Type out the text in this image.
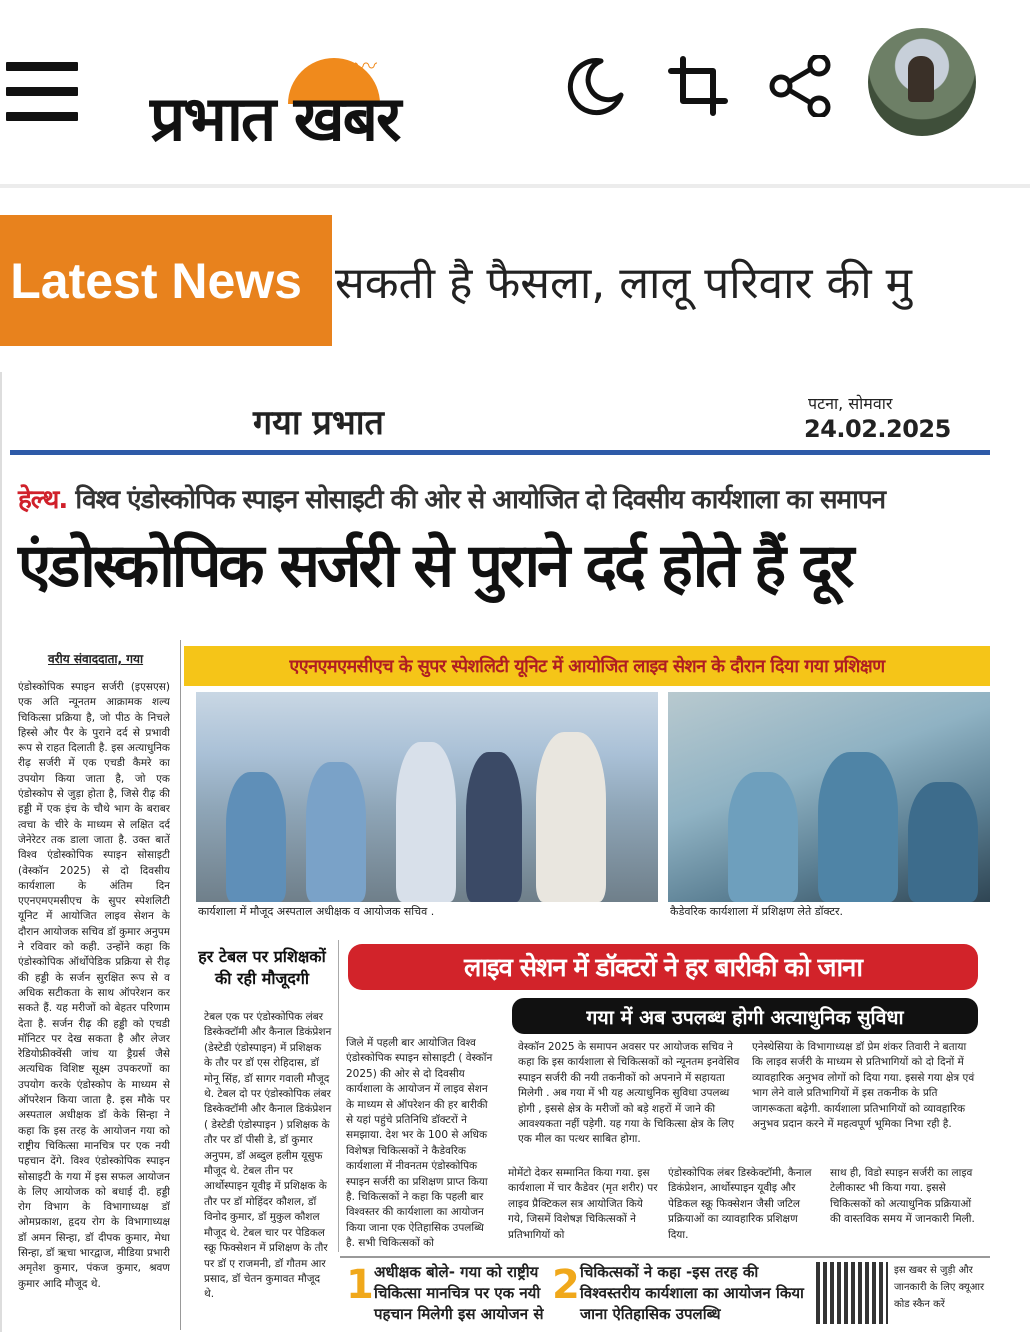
〰
प्रभात खबर
Latest News सकती है फैसला, लालू परिवार की मु
गया प्रभात	पटना, सोमवार
24.02.2025
हेल्थ. विश्व एंडोस्कोपिक स्पाइन सोसाइटी की ओर से आयोजित दो दिवसीय कार्यशाला का समापन
एंडोस्कोपिक सर्जरी से पुराने दर्द होते हैं दूर
वरीय संवाददाता, गया
एंडोस्कोपिक स्पाइन सर्जरी (इएसएस) एक अति न्यूनतम आक्रामक शल्य चिकित्सा प्रक्रिया है, जो पीठ के निचले हिस्से और पैर के पुराने दर्द से प्रभावी रूप से राहत दिलाती है. इस अत्याधुनिक रीढ़ सर्जरी में एक एचडी कैमरे का उपयोग किया जाता है, जो एक एंडोस्कोप से जुड़ा होता है, जिसे रीढ़ की हड्डी में एक इंच के चौथे भाग के बराबर त्वचा के चीरे के माध्यम से लक्षित दर्द जेनेरेटर तक डाला जाता है. उक्त बातें विश्व एंडोस्कोपिक स्पाइन सोसाइटी (वेस्कॉन 2025) से दो दिवसीय कार्यशाला के अंतिम दिन एएनएमएमसीएच के सुपर स्पेशलिटी यूनिट में आयोजित लाइव सेशन के दौरान आयोजक सचिव डॉ कुमार अनुपम ने रविवार को कही. उन्होंने कहा कि एंडोस्कोपिक ऑर्थोपेडिक प्रक्रिया से रीढ़ की हड्डी के सर्जन सुरक्षित रूप से व अधिक सटीकता के साथ ऑपरेशन कर सकते हैं. यह मरीजों को बेहतर परिणाम देता है. सर्जन रीढ़ की हड्डी को एचडी मॉनिटर पर देख सकता है और लेजर रेडियोफ्रीक्वेंसी जांच या ड्रैग्रर्स जैसे अत्यधिक विशिष्ट सूक्ष्म उपकरणों का उपयोग करके एंडोस्कोप के माध्यम से ऑपरेशन किया जाता है. इस मौके पर अस्पताल अधीक्षक डॉ केके सिन्हा ने कहा कि इस तरह के आयोजन गया को राष्ट्रीय चिकित्सा मानचित्र पर एक नयी पहचान देंगे. विश्व एंडोस्कोपिक स्पाइन सोसाइटी के गया में इस सफल आयोजन के लिए आयोजक को बधाई दी. हड्डी रोग विभाग के विभागाध्यक्ष डॉ ओमप्रकाश, हृदय रोग के विभागाध्यक्ष डॉ अमन सिन्हा, डॉ दीपक कुमार, मेधा सिन्हा, डॉ ऋचा भारद्वाज, मीडिया प्रभारी अमृतेश कुमार, पंकज कुमार, श्रवण कुमार आदि मौजूद थे.
एएनएमएमसीएच के सुपर स्पेशलिटी यूनिट में आयोजित लाइव सेशन के दौरान दिया गया प्रशिक्षण
कार्यशाला में मौजूद अस्पताल अधीक्षक व आयोजक सचिव .	कैडेवरिक कार्यशाला में प्रशिक्षण लेते डॉक्टर.
हर टेबल पर प्रशिक्षकों की रही मौजूदगी
टेबल एक पर एंडोस्कोपिक लंबर डिस्केक्टॉमी और कैनाल डिकंप्रेशन (डेस्टेडी एंडोस्पाइन) में प्रशिक्षक के तौर पर डॉ एस रोहिदास, डॉ मोनू सिंह, डॉ सागर गवाली मौजूद थे. टेबल दो पर एंडोस्कोपिक लंबर डिस्केक्टॉमी और कैनाल डिकंप्रेशन ( डेस्टेडी एंडोस्पाइन ) प्रशिक्षक के तौर पर डॉ पीसी डे, डॉ कुमार अनुपम, डॉ अब्दुल हलीम यूसुफ मौजूद थे. टेबल तीन पर आर्थोस्पाइन यूवीइ में प्रशिक्षक के तौर पर डॉ मोहिंदर कौशल, डॉ विनोद कुमार, डॉ मुकुल कौशल मौजूद थे. टेबल चार पर पेडिकल स्क्रू फिक्सेशन में प्रशिक्षण के तौर पर डॉ ए राजमनी, डॉ गौतम आर प्रसाद, डॉ चेतन कुमावत मौजूद थे.
लाइव सेशन में डॉक्टरों ने हर बारीकी को जाना
जिले में पहली बार आयोजित विश्व एंडोस्कोपिक स्पाइन सोसाइटी ( वेस्कॉन 2025) की ओर से दो दिवसीय कार्यशाला के आयोजन में लाइव सेशन के माध्यम से ऑपरेशन की हर बारीकी से यहां पहुंचे प्रतिनिधि डॉक्टरों ने समझाया. देश भर के 100 से अधिक विशेषज्ञ चिकित्सकों ने कैडेवरिक कार्यशाला में नीवनतम एंडोस्कोपिक स्पाइन सर्जरी का प्रशिक्षण प्राप्त किया है. चिकित्सकों ने कहा कि पहली बार विश्वस्तर की कार्यशाला का आयोजन किया जाना एक ऐतिहासिक उपलब्धि है. सभी चिकित्सकों को
गया में अब उपलब्ध होगी अत्याधुनिक सुविधा
वेस्कॉन 2025 के समापन अवसर पर आयोजक सचिव ने कहा कि इस कार्यशाला से चिकित्सकों को न्यूनतम इनवेसिव स्पाइन सर्जरी की नयी तकनीकों को अपनाने में सहायता मिलेगी . अब गया में भी यह अत्याधुनिक सुविधा उपलब्ध होगी , इससे क्षेत्र के मरीजों को बड़े शहरों में जाने की आवश्यकता नहीं पड़ेगी. यह गया के चिकित्सा क्षेत्र के लिए एक मील का पत्थर साबित होगा.
एनेस्थेसिया के विभागाध्यक्ष डॉ प्रेम शंकर तिवारी ने बताया कि लाइव सर्जरी के माध्यम से प्रतिभागियों को दो दिनों में व्यावहारिक अनुभव लोगों को दिया गया. इससे गया क्षेत्र एवं भाग लेने वाले प्रतिभागियों में इस तकनीक के प्रति जागरूकता बढ़ेगी. कार्यशाला प्रतिभागियों को व्यावहारिक अनुभव प्रदान करने में महत्वपूर्ण भूमिका निभा रही है.
मोमेंटो देकर सम्मानित किया गया. इस कार्यशाला में चार कैडेवर (मृत शरीर) पर लाइव प्रैक्टिकल सत्र आयोजित किये गये, जिसमें विशेषज्ञ चिकित्सकों ने प्रतिभागियों को
एंडोस्कोपिक लंबर डिस्केक्टॉमी, कैनाल डिकंप्रेशन, आर्थोस्पाइन यूवीइ और पेडिकल स्क्रू फिक्सेशन जैसी जटिल प्रक्रियाओं का व्यावहारिक प्रशिक्षण दिया.
साथ ही, विडो स्पाइन सर्जरी का लाइव टेलीकास्ट भी किया गया. इससे चिकित्सकों को अत्याधुनिक प्रक्रियाओं की वास्तविक समय में जानकारी मिली.
1 अधीक्षक बोले- गया को राष्ट्रीय चिकित्सा मानचित्र पर एक नयी पहचान मिलेगी इस आयोजन से
2 चिकित्सकों ने कहा -इस तरह की विश्वस्तरीय कार्यशाला का आयोजन किया जाना ऐतिहासिक उपलब्धि
इस खबर से जुड़ी और जानकारी के लिए क्यूआर कोड स्कैन करें
